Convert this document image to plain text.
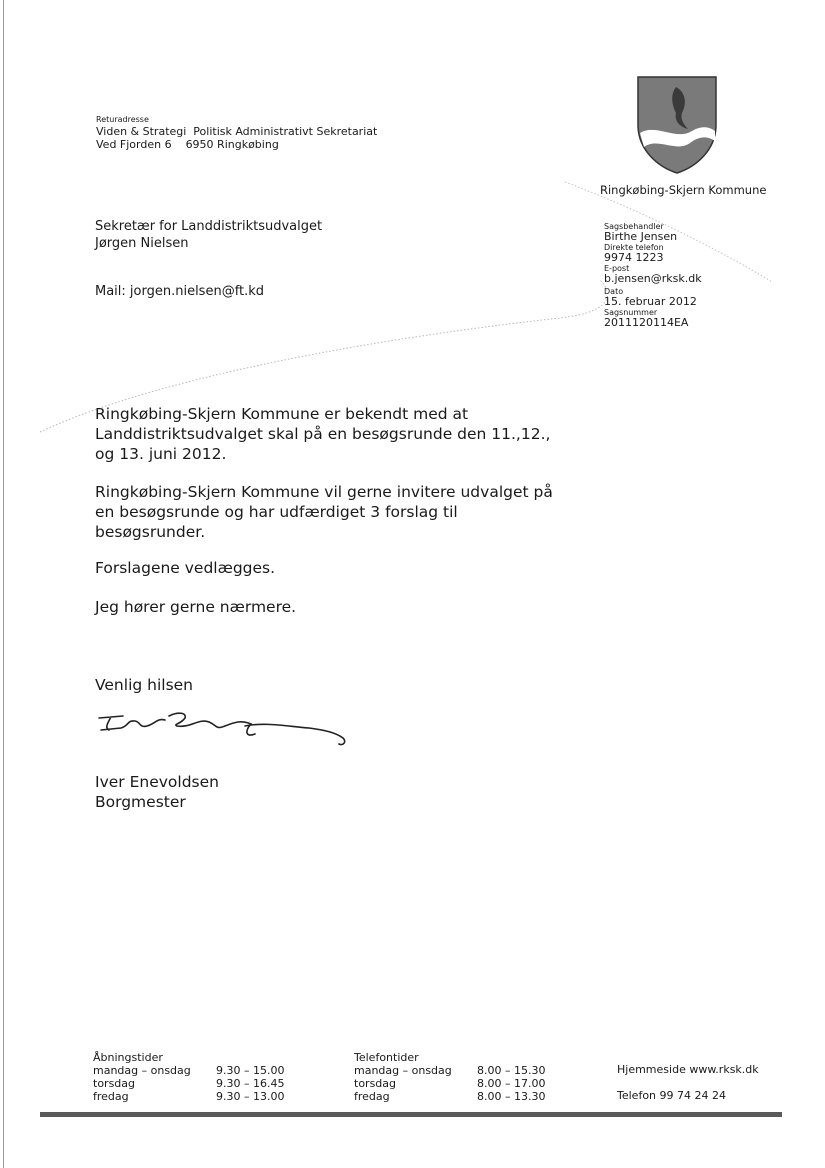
Returadresse
Viden & Strategi  Politisk Administrativt Sekretariat
Ved Fjorden 6    6950 Ringkøbing
Ringkøbing-Skjern Kommune
Sekretær for Landdistriktsudvalget
Jørgen Nielsen
Mail: jorgen.nielsen@ft.kd
Sagsbehandler
Birthe Jensen
Direkte telefon
9974 1223
E-post
b.jensen@rksk.dk
Dato
15. februar 2012
Sagsnummer
2011120114EA
Ringkøbing-Skjern Kommune er bekendt med at
Landdistriktsudvalget skal på en besøgsrunde den 11.,12.,
og 13. juni 2012.
Ringkøbing-Skjern Kommune vil gerne invitere udvalget på
en besøgsrunde og har udfærdiget 3 forslag til
besøgsrunder.
Forslagene vedlægges.
Jeg hører gerne nærmere.
Venlig hilsen
Iver Enevoldsen
Borgmester
Åbningstider
mandag – onsdag 9.30 – 15.00
torsdag	9.30 – 16.45
fredag	9.30 – 13.00
Telefontider
mandag – onsdag 8.00 – 15.30
torsdag	8.00 – 17.00
fredag	8.00 – 13.30
Hjemmeside www.rksk.dk
Telefon 99 74 24 24
